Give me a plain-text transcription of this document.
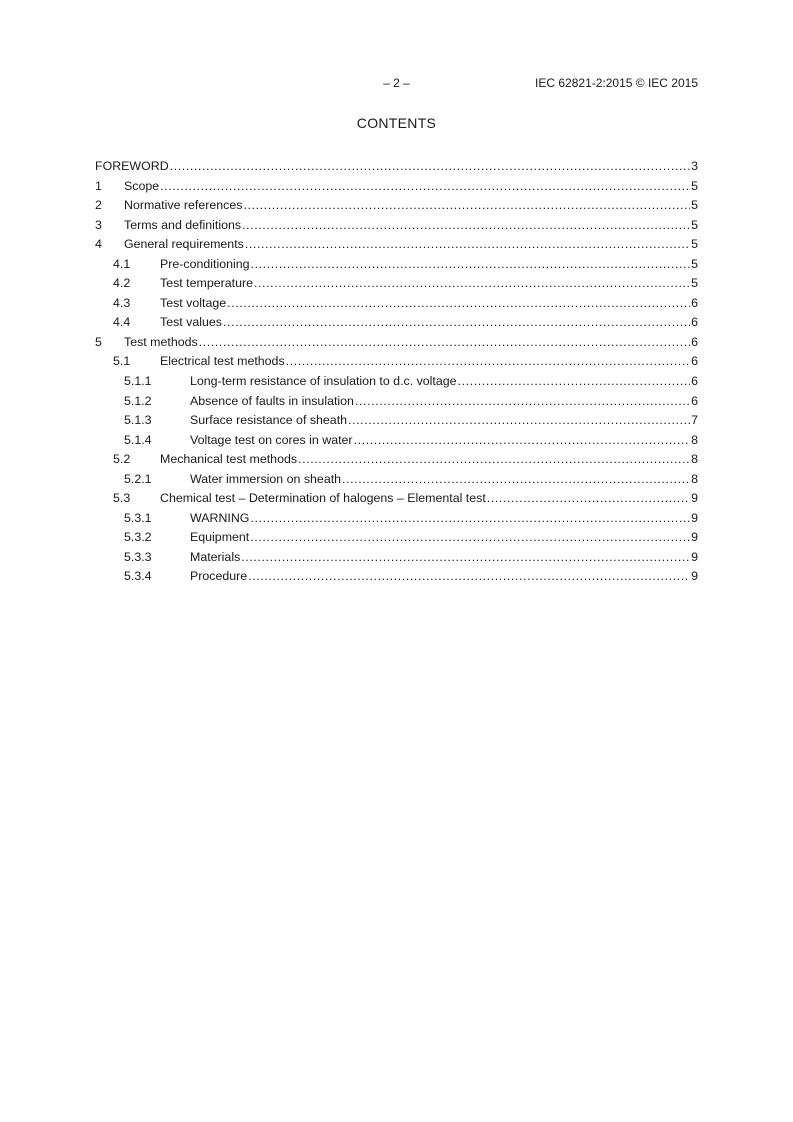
– 2 –	IEC 62821-2:2015 © IEC 2015
CONTENTS
FOREWORD .....	3
1 Scope .....	5
2 Normative references .....	5
3 Terms and definitions .....	5
4 General requirements .....	5
4.1 Pre-conditioning .....	5
4.2 Test temperature .....	5
4.3 Test voltage .....	6
4.4 Test values .....	6
5 Test methods .....	6
5.1 Electrical test methods .....	6
5.1.1	Long-term resistance of insulation to d.c. voltage .....	6
5.1.2	Absence of faults in insulation .....	6
5.1.3	Surface resistance of sheath .....	7
5.1.4	Voltage test on cores in water .....	8
5.2 Mechanical test methods .....	8
5.2.1	Water immersion on sheath .....	8
5.3 Chemical test – Determination of halogens – Elemental test .....	9
5.3.1	WARNING .....	9
5.3.2	Equipment .....	9
5.3.3	Materials .....	9
5.3.4	Procedure .....	9
